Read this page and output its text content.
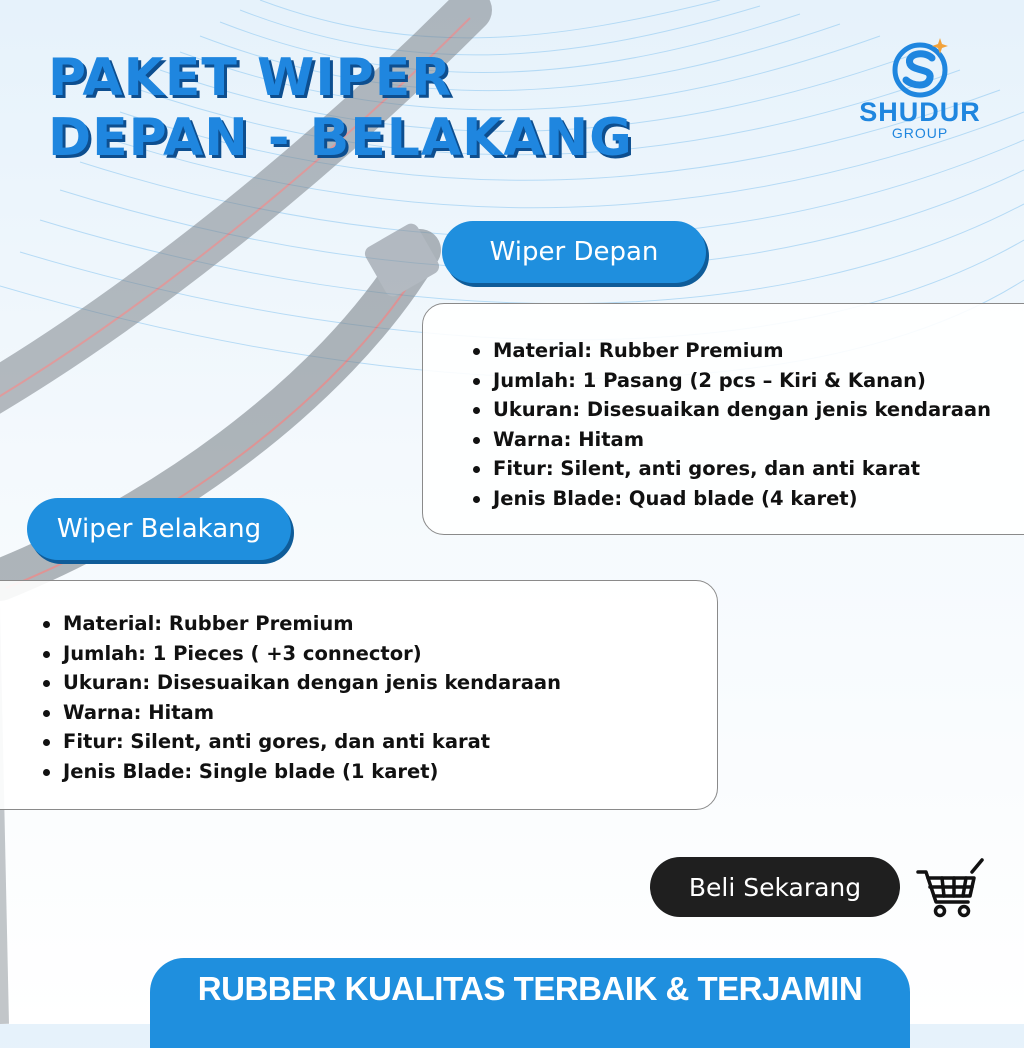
PAKET WIPER
DEPAN - BELAKANG	SHUDUR
GROUP
Wiper Depan
Material: Rubber Premium
Jumlah: 1 Pasang (2 pcs – Kiri & Kanan)
Ukuran: Disesuaikan dengan jenis kendaraan
Warna: Hitam
Fitur: Silent, anti gores, dan anti karat
Jenis Blade: Quad blade (4 karet)
Wiper Belakang
Material: Rubber Premium
Jumlah: 1 Pieces ( +3 connector)
Ukuran: Disesuaikan dengan jenis kendaraan
Warna: Hitam
Fitur: Silent, anti gores, dan anti karat
Jenis Blade: Single blade (1 karet)
Beli Sekarang
RUBBER KUALITAS TERBAIK & TERJAMIN
